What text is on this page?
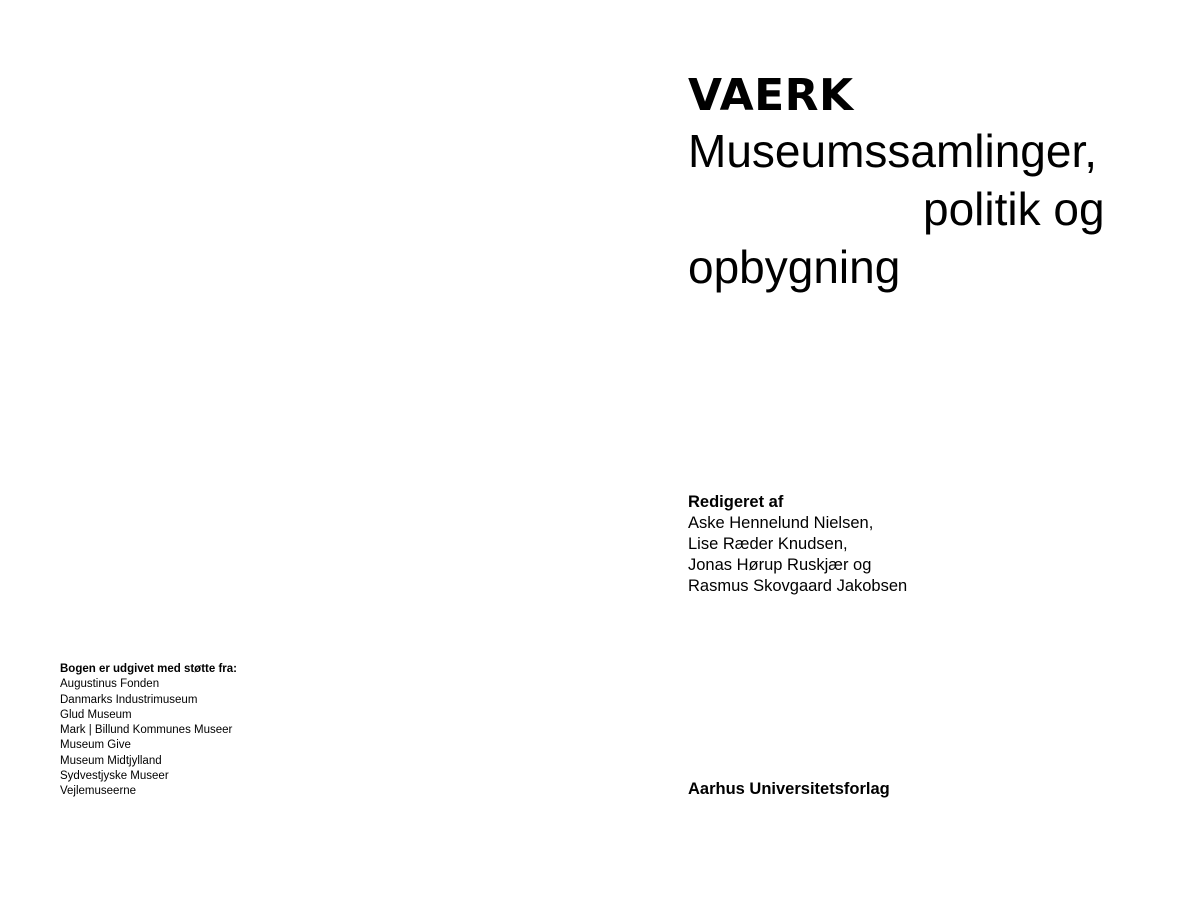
Bogen er udgivet med støtte fra:
Augustinus Fonden
Danmarks Industrimuseum
Glud Museum
Mark | Billund Kommunes Museer
Museum Give
Museum Midtjylland
Sydvestjyske Museer
Vejlemuseerne
VAERK
Museumssamlinger,
politik og
opbygning
Redigeret af
Aske Hennelund Nielsen,
Lise Ræder Knudsen,
Jonas Hørup Ruskjær og
Rasmus Skovgaard Jakobsen
Aarhus Universitetsforlag
